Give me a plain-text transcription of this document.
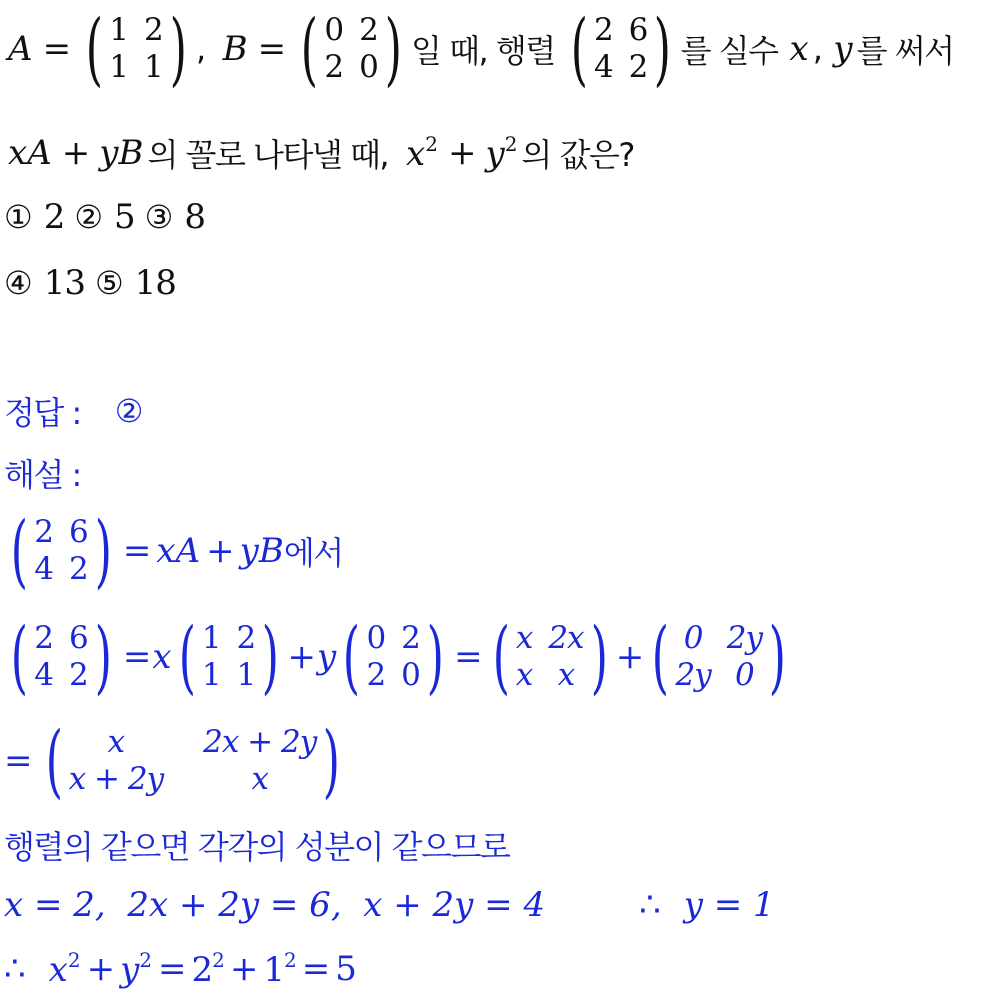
A = ( 1 2
1 1 ) , B = ( 0 2
2 0 ) 일 때, 행렬 ( 2 6
4 2 ) 를 실수 x , y 를 써서
x A + y B 의 꼴로 나타낼 때, $x^2 + y^2$ 의 값은?
① 2 ② 5 ③ 8
④ 13 ⑤ 18
정답 : ②
해설 :
( 2 6
4 2 ) = x A + y B 에서
( 2 6
4 2 ) = x ( 1 2
1 1 ) + y ( 0 2
2 0 ) = ( x 2x
x x ) + ( 0 2y
2y 0 )
= (	x	2x + 2y
x + 2y	x )
행렬의 같으면 각각의 성분이 같으므로
x = 2,  2x + 2y = 6,  x + 2y = 4	∴ y = 1
∴ $x^2 + y^2 = 2^2 + 1^2 = 5$
